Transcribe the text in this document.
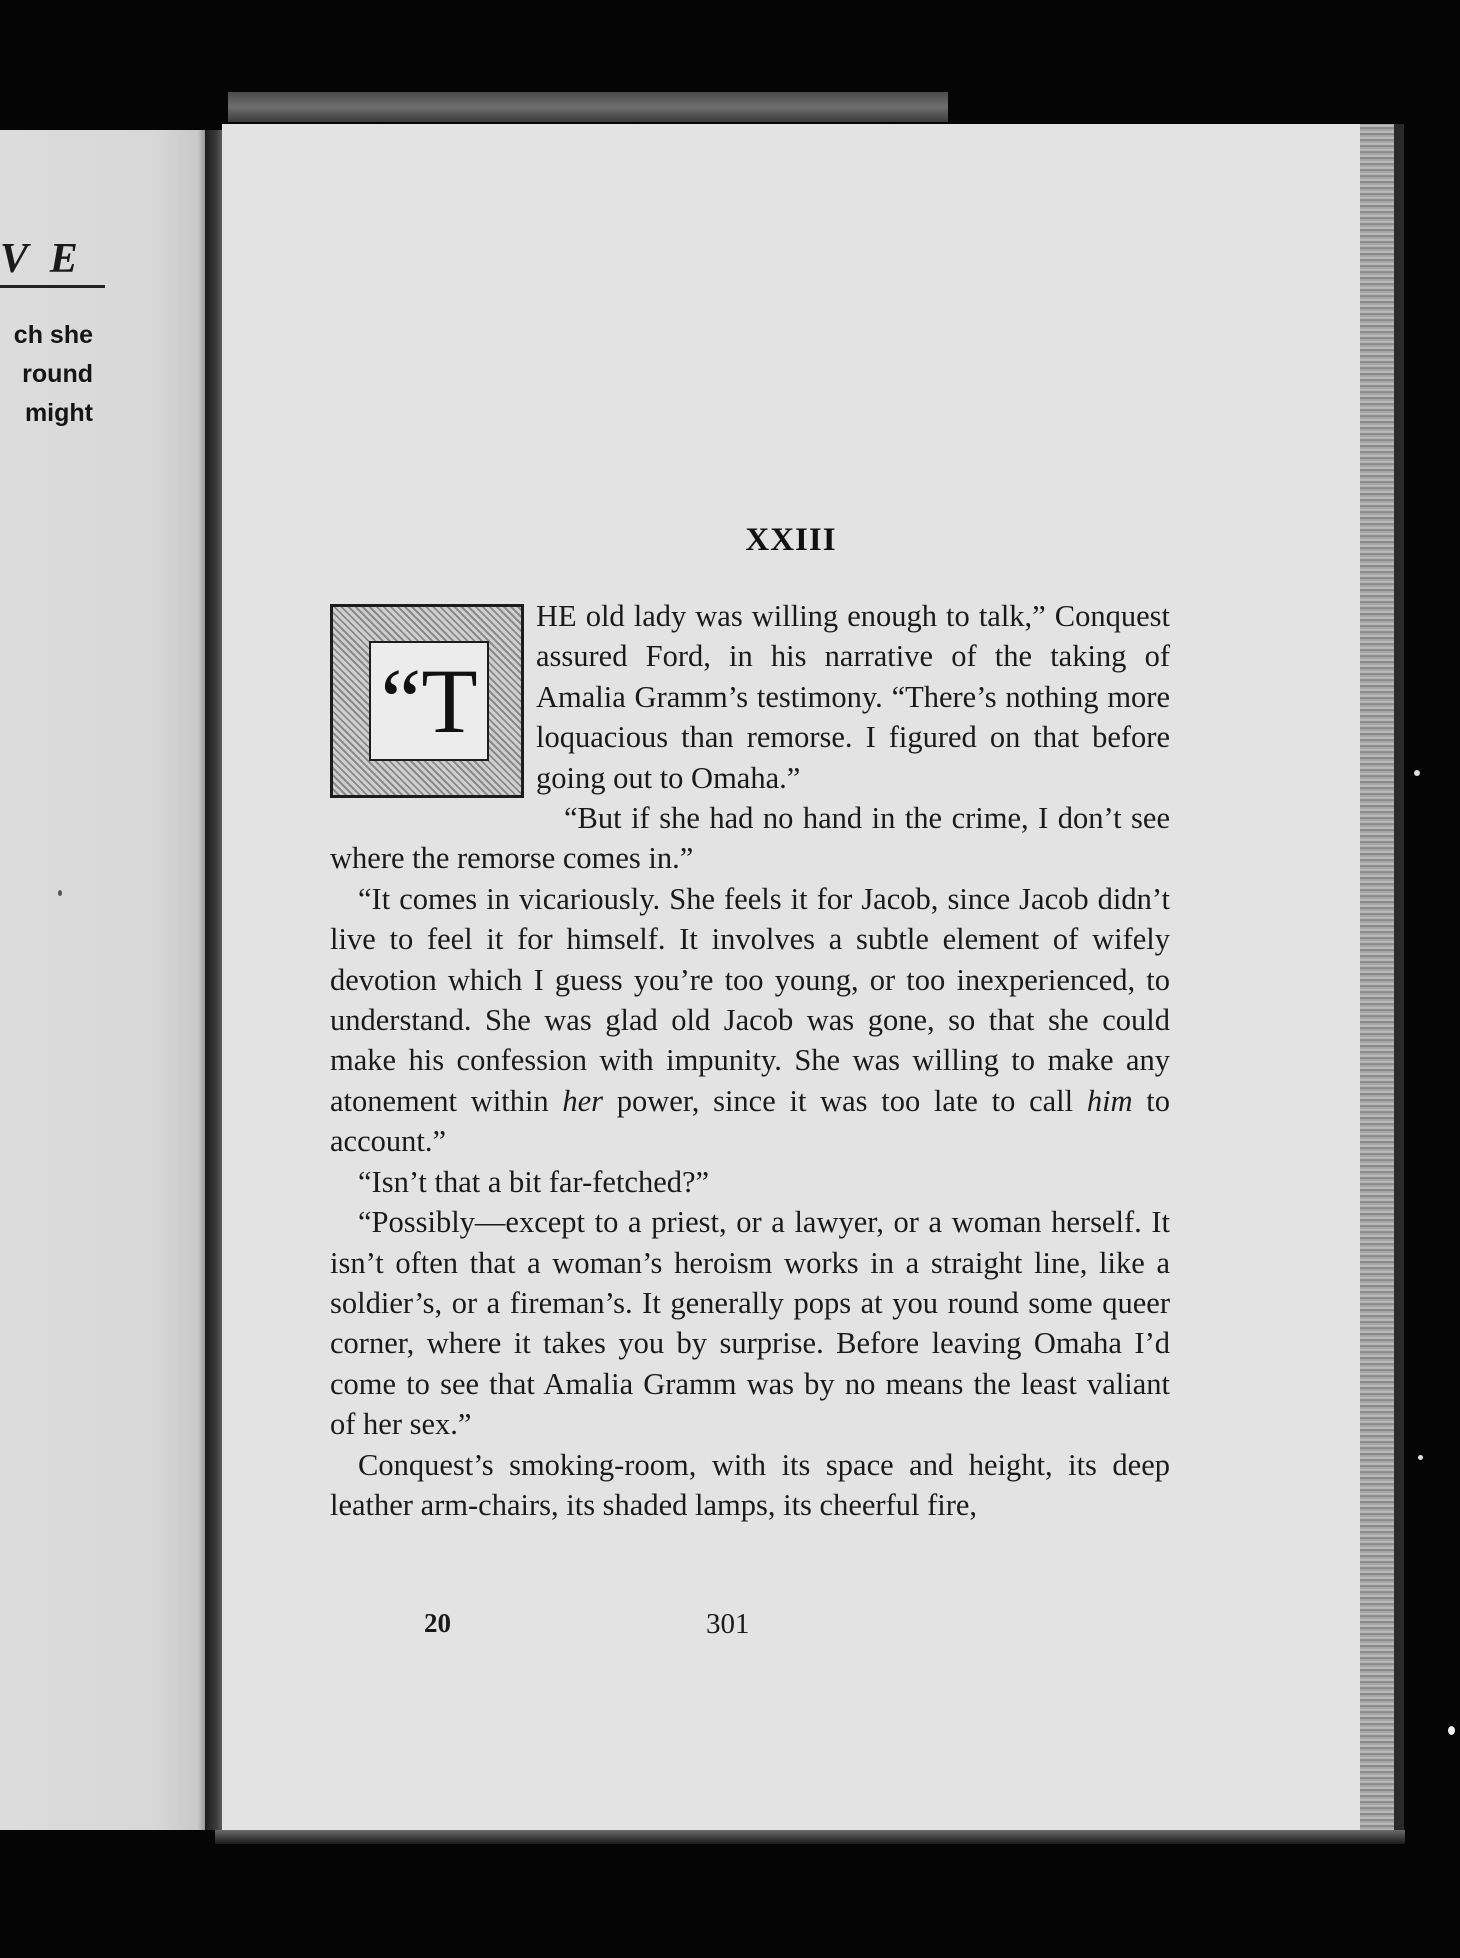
V E
ch she
round
might
XXIII
“T

HE old lady was willing enough to talk,” Conquest assured Ford, in his narrative of the taking of Amalia Gramm’s testimony. “There’s nothing more loquacious than remorse. I figured on that before going out to Omaha.”

“But if she had no hand in the crime, I don’t see where the remorse comes in.”

“It comes in vicariously. She feels it for Jacob, since Jacob didn’t live to feel it for himself. It involves a subtle element of wifely devotion which I guess you’re too young, or too inexperienced, to understand. She was glad old Jacob was gone, so that she could make his confession with impunity. She was willing to make any atonement within her power, since it was too late to call him to account.”

“Isn’t that a bit far-fetched?”

“Possibly—except to a priest, or a lawyer, or a woman herself. It isn’t often that a woman’s heroism works in a straight line, like a soldier’s, or a fireman’s. It generally pops at you round some queer corner, where it takes you by surprise. Before leaving Omaha I’d come to see that Amalia Gramm was by no means the least valiant of her sex.”

Conquest’s smoking-room, with its space and height, its deep leather arm-chairs, its shaded lamps, its cheerful fire,

20	301
